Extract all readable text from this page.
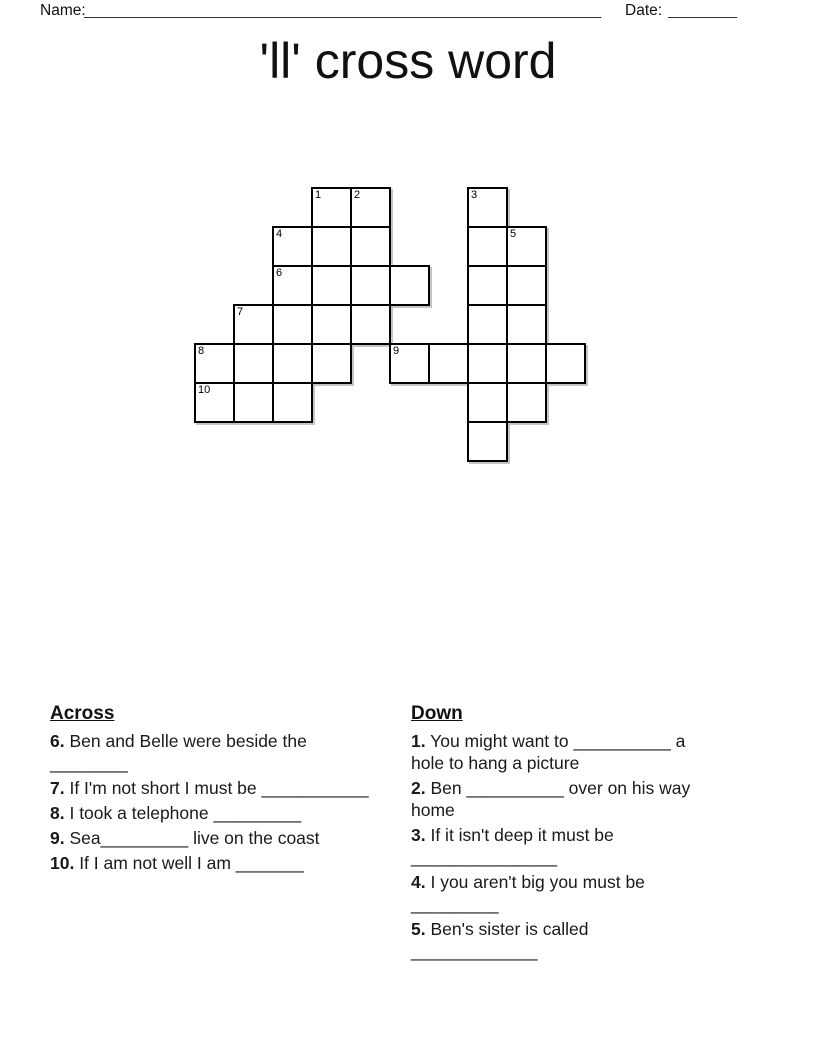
Name:
____________________________________________________________	Date: ________
'll' cross word
1	2	3
4	5
6
7
8	9
10

Across

6. Ben and Belle were beside the ________

7. If I'm not short I must be ___________

8. I took a telephone _________

9. Sea_________ live on the coast

10. If I am not well I am _______

Down

1. You might want to __________ a hole to hang a picture

2. Ben __________ over on his way home

3. If it isn't deep it must be _______________

4. I you aren't big you must be _________

5. Ben's sister is called _____________
